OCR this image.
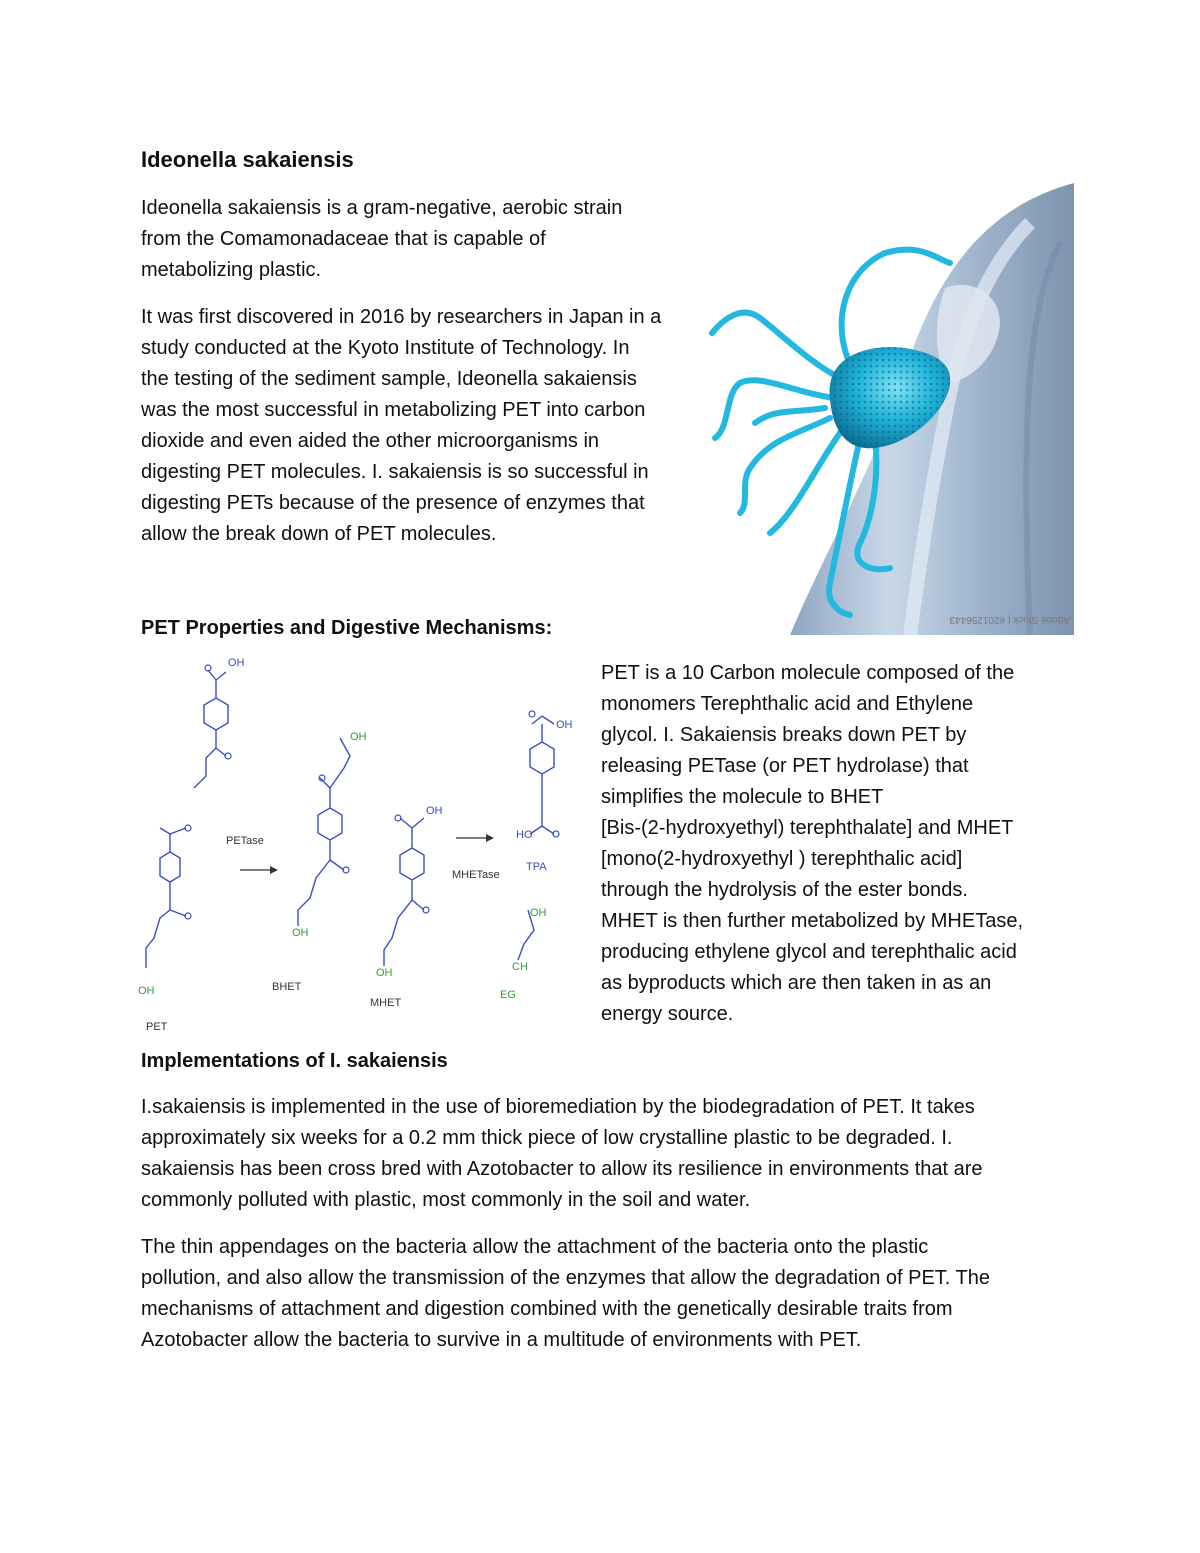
Ideonella sakaiensis
Ideonella sakaiensis is a gram-negative, aerobic strain
from the Comamonadaceae that is capable of
metabolizing plastic.
It was first discovered in 2016 by researchers in Japan in a
study conducted at the Kyoto Institute of Technology. In
the testing of the sediment sample, Ideonella sakaiensis
was the most successful in metabolizing PET into carbon
dioxide and even aided the other microorganisms in
digesting PET molecules. I. sakaiensis is so successful in
digesting PETs because of the presence of enzymes that
allow the break down of PET molecules.
Adobe Stock | #201256443
PET Properties and Digestive Mechanisms:
OH
OH
OH
OH
HO
OH
CH
OH
OH
OH
PETase
MHETase
TPA
PET
BHET
MHET
EG
PET is a 10 Carbon molecule composed of the
monomers Terephthalic acid and Ethylene
glycol. I. Sakaiensis breaks down PET by
releasing PETase (or PET hydrolase) that
simplifies the molecule to BHET
[Bis-(2-hydroxyethyl) terephthalate] and MHET
[mono(2-hydroxyethyl ) terephthalic acid]
through the hydrolysis of the ester bonds.
MHET is then further metabolized by MHETase,
producing ethylene glycol and terephthalic acid
as byproducts which are then taken in as an
energy source.
Implementations of I. sakaiensis
I.sakaiensis is implemented in the use of bioremediation by the biodegradation of PET. It takes
approximately six weeks for a 0.2 mm thick piece of low crystalline plastic to be degraded. I.
sakaiensis has been cross bred with Azotobacter to allow its resilience in environments that are
commonly polluted with plastic, most commonly in the soil and water.
The thin appendages on the bacteria allow the attachment of the bacteria onto the plastic
pollution, and also allow the transmission of the enzymes that allow the degradation of PET. The
mechanisms of attachment and digestion combined with the genetically desirable traits from
Azotobacter allow the bacteria to survive in a multitude of environments with PET.
